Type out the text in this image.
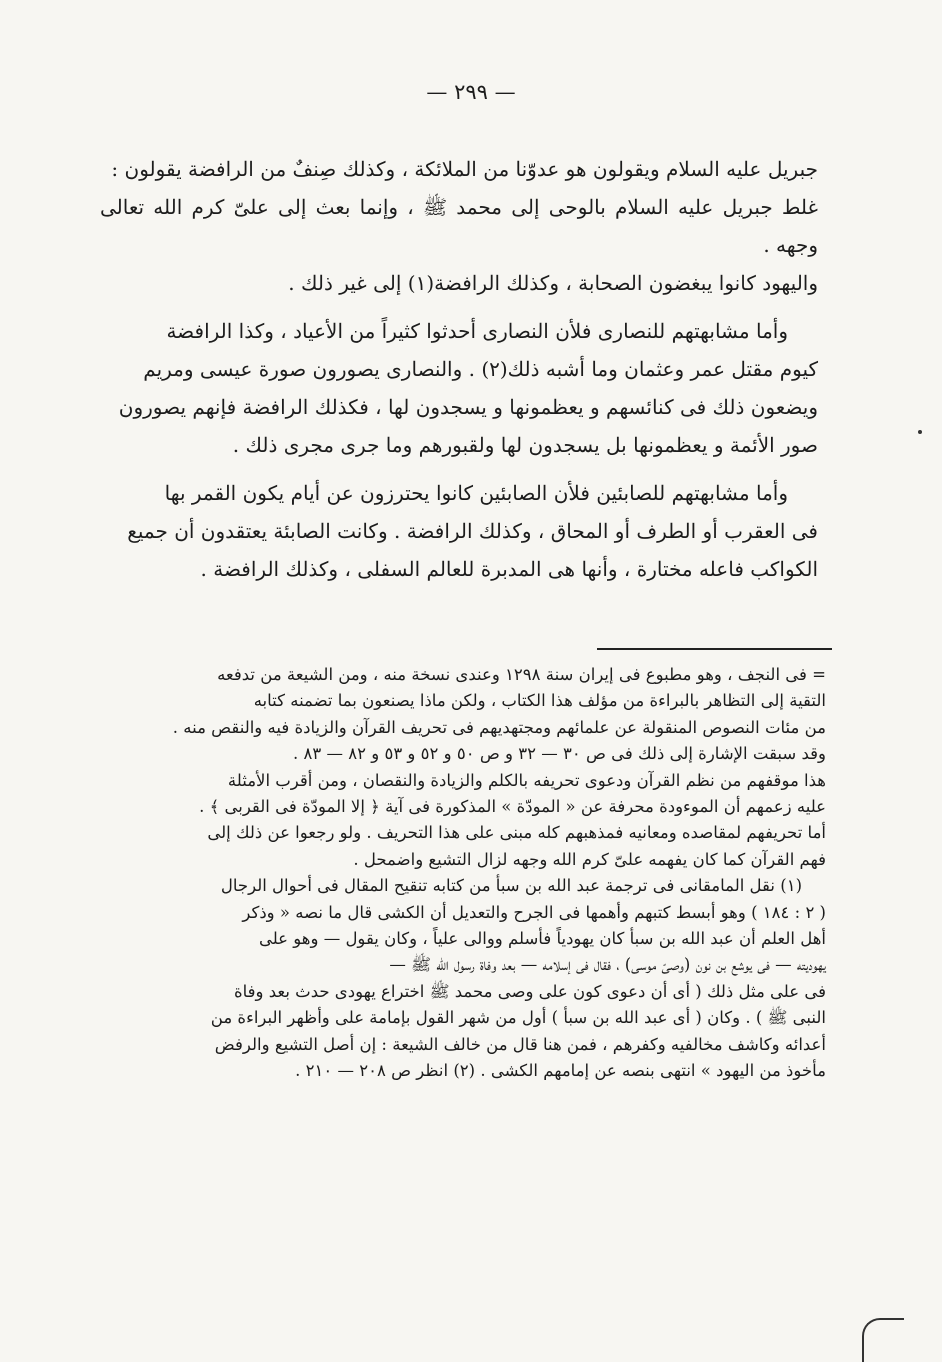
— ٢٩٩ —

جبريل عليه السلام ويقولون هو عدوّنا من الملائكة ، وكذلك صِنفٌ من الرافضة يقولون :

غلط جبريل عليه السلام بالوحى إلى محمد ﷺ ، وإنما بعث إلى علىّ كرم الله تعالى وجهه .

واليهود كانوا يبغضون الصحابة ، وكذلك الرافضة(١) إلى غير ذلك .

وأما مشابهتهم للنصارى فلأن النصارى أحدثوا كثيراً من الأعياد ، وكذا الرافضة

كيوم مقتل عمر وعثمان وما أشبه ذلك(٢) . والنصارى يصورون صورة عيسى ومريم

ويضعون ذلك فى كنائسهم و يعظمونها و يسجدون لها ، فكذلك الرافضة فإنهم يصورون

صور الأئمة و يعظمونها بل يسجدون لها ولقبورهم وما جرى مجرى ذلك .

وأما مشابهتهم للصابئين فلأن الصابئين كانوا يحترزون عن أيام يكون القمر بها

فى العقرب أو الطرف أو المحاق ، وكذلك الرافضة . وكانت الصابئة يعتقدون أن جميع

الكواكب فاعله مختارة ، وأنها هى المدبرة للعالم السفلى ، وكذلك الرافضة .

= فى النجف ، وهو مطبوع فى إيران سنة ١٢٩٨ وعندى نسخة منه ، ومن الشيعة من تدفعه

التقية إلى التظاهر بالبراءة من مؤلف هذا الكتاب ، ولكن ماذا يصنعون بما تضمنه كتابه

من مئات النصوص المنقولة عن علمائهم ومجتهديهم فى تحريف القرآن والزيادة فيه والنقص منه .

وقد سبقت الإشارة إلى ذلك فى ص ٣٠ — ٣٢ و ص ٥٠ و ٥٢ و ٥٣ و ٨٢ — ٨٣ .

هذا موقفهم من نظم القرآن ودعوى تحريفه بالكلم والزيادة والنقصان ، ومن أقرب الأمثلة

عليه زعمهم أن الموءودة محرفة عن « المودّة » المذكورة فى آية ﴿ إلا المودّة فى القربى ﴾ .

أما تحريفهم لمقاصده ومعانيه فمذهبهم كله مبنى على هذا التحريف . ولو رجعوا عن ذلك إلى

فهم القرآن كما كان يفهمه علىّ كرم الله وجهه لزال التشيع واضمحل .

(١) نقل المامقانى فى ترجمة عبد الله بن سبأ من كتابه تنقيح المقال فى أحوال الرجال

( ٢ : ١٨٤ ) وهو أبسط كتبهم وأهمها فى الجرح والتعديل أن الكشى قال ما نصه « وذكر

أهل العلم أن عبد الله بن سبأ كان يهودياً فأسلم ووالى علياً ، وكان يقول — وهو على

يهوديته — فى يوشع بن نون (وصىّ موسى) ، فقال فى إسلامه — بعد وفاة رسول الله ﷺ —

فى على مثل ذلك ( أى أن دعوى كون على وصى محمد ﷺ اختراع يهودى حدث بعد وفاة

النبى ﷺ ) . وكان ( أى عبد الله بن سبأ ) أول من شهر القول بإمامة على وأظهر البراءة من

أعدائه وكاشف مخالفيه وكفرهم ، فمن هنا قال من خالف الشيعة : إن أصل التشيع والرفض

مأخوذ من اليهود » انتهى بنصه عن إمامهم الكشى . (٢) انظر ص ٢٠٨ — ٢١٠ .
